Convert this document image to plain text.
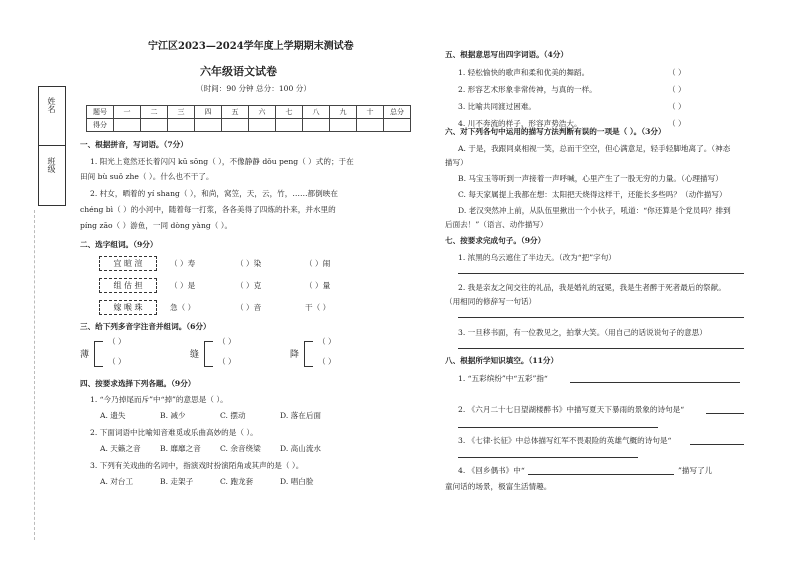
姓名
班级
宁江区2023—2024学年度上学期期末测试卷
六年级语文试卷
（时间：90 分钟 总分：100 分）
题号	一	二	三	四	五	六	七	八	九	十	总分
得分											
一、根据拼音，写词语。（7分）
1. 阳光上竟然还长着闪闪 kū sōng（ ），不像静静 dǒu peng（ ）式的；于在
田间 bù suǒ zhe（ ）。什么也不干了。
2. 村女，晒着的 yí shang（ ），和尚，窝笠，天，云，竹，……都倒映在
chéng bì（ ）的小河中，随着每一打浆，各各美得了四炼的扑来，并水里的
píng zāo（ ）游鱼，一同 dòng yàng（ ）。
二、选字组词。（9分）
宜 暄 渲
组 估 担
嫁 喉 珠
（ ）寿	（ ）染	（ ）闹
（ ）是	（ ）克	（ ）量
急（ ）	（ ）音	干（ ）
三、给下列多音字注音并组词。（6分）
薄
（ ）
（ ）
缝
（ ）
（ ）
降
（ ）
（ ）
四、按要求选择下列各题。（9分）
1. “今乃掉尾而斥”中“掉”的意思是（ ）。
A. 遗失	B. 减少	C. 摆动	D. 落在后面
2. 下面词语中比喻知音难觅或乐曲高妙的是（ ）。
A. 天籁之音	B. 靡靡之音	C. 余音绕梁	D. 高山流水
3. 下列有关戏曲的名词中，指演戏时扮演陌角或其声的是（ ）。
A. 对台工	B. 走架子	C. 跑龙套	D. 唱白脸
五、根据意思写出四字词语。（4分）
1. 轻松愉快的歌声和柔和优美的舞蹈。	（ ）
2. 形容艺术形象非常传神，与真的一样。	（ ）
3. 比喻共同渡过困难。	（ ）
4. 川不奔流的样子，形容声势浩大。	（ ）
六、对下列各句中运用的描写方法判断有误的一项是（ ）。（3分）
A. 于是，我跟同桌相视一笑，总而干空空，但心满意足，轻手轻脚地离了。（神态
描写）
B. 马宝玉等听到一声接着一声呼喊，心里产生了一股无穷的力量。（心理描写）
C. 每天家属提上我都在想：太阳把天烧得这样干，还能长多些吗？（动作描写）
D. 老汉突然冲上前，从队伍里揪出一个小伙子，吼道：“你还算是个党员吗？排到
后面去！”（语言、动作描写）
七、按要求完成句子。（9分）
1. 浓黑的乌云遮住了半边天。（改为“把”字句）
2. 我是亲友之间交往的礼品，我是婚礼的冠冕，我是生者醉于死者最后的祭献。
（用相同的修辞写一句话）
3. 一旦移书面，有一位教见之，拍掌大笑。（用自己的话说说句子的意思）
八、根据所学知识填空。（11分）
1. “五彩缤纷”中“五彩”指“
2. 《六月二十七日望湖楼醉书》中描写夏天下暴雨的景象的诗句是“
3. 《七律·长征》中总体描写红军不畏艰险的英雄气概的诗句是“
4. 《回乡偶书》中“	”描写了儿
童问话的场景，极富生活情趣。
